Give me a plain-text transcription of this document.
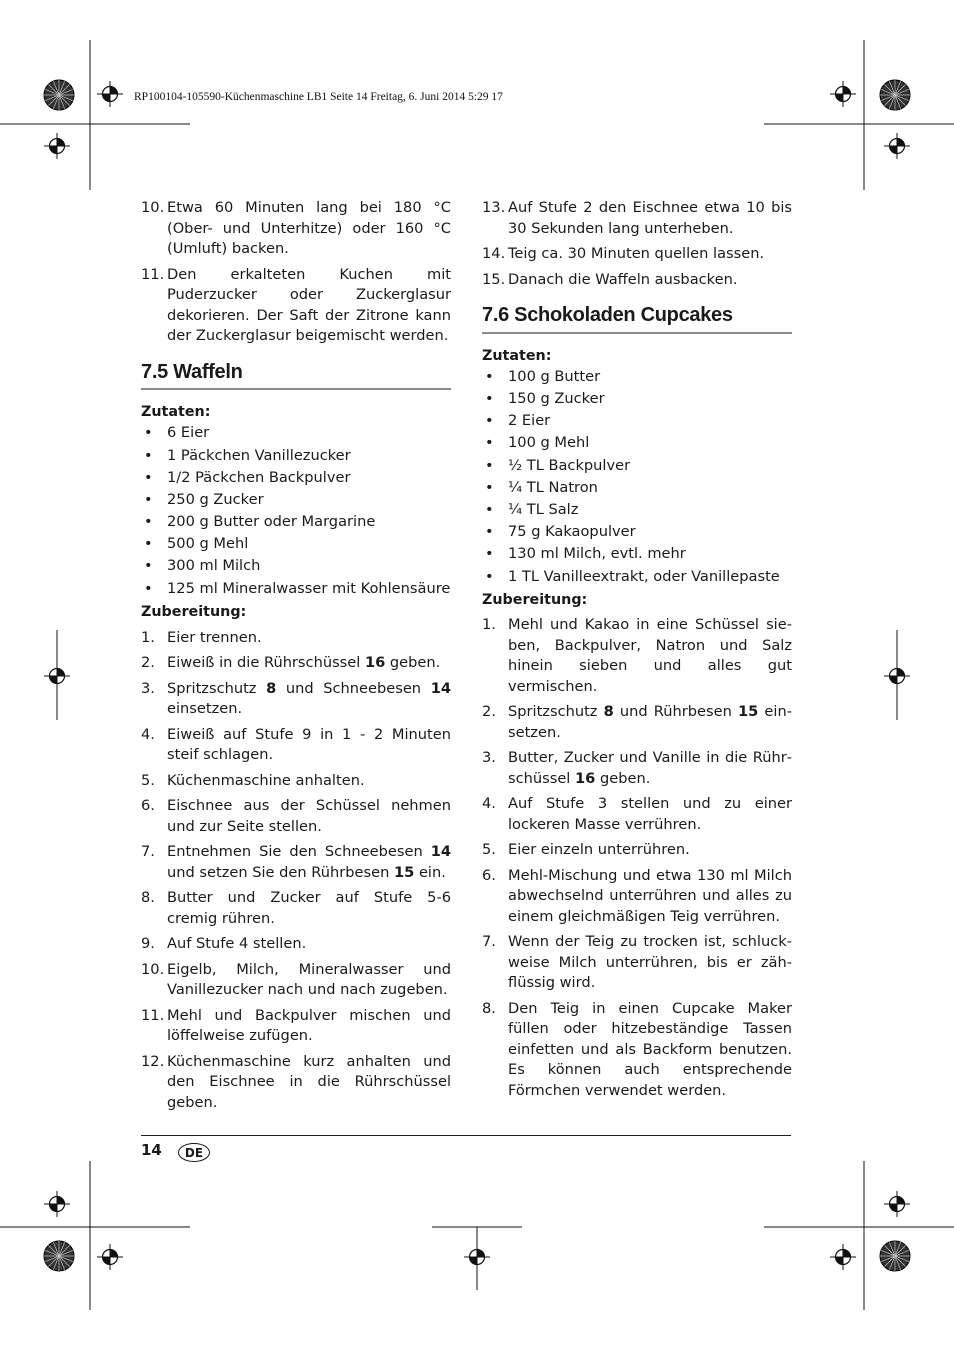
RP100104-105590-Küchenmaschine LB1 Seite 14 Freitag, 6. Juni 2014 5:29 17
10. Etwa 60 Minuten lang bei 180 °C (Ober- und Unterhitze) oder 160 °C (Umluft) backen.
11. Den erkalteten Kuchen mit Puderzucker oder Zuckerglasur dekorieren. Der Saft der Zitrone kann der Zuckerglasur beigemischt werden.
7.5 Waffeln
Zutaten:
• 6 Eier
• 1 Päckchen Vanillezucker
• 1/2 Päckchen Backpulver
• 250 g Zucker
• 200 g Butter oder Margarine
• 500 g Mehl
• 300 ml Milch
• 125 ml Mineralwasser mit Kohlensäure
Zubereitung:
1. Eier trennen.
2. Eiweiß in die Rührschüssel 16 geben.
3. Spritzschutz 8 und Schneebesen 14 einsetzen.
4. Eiweiß auf Stufe 9 in 1 - 2 Minuten steif schlagen.
5. Küchenmaschine anhalten.
6. Eischnee aus der Schüssel nehmen und zur Seite stellen.
7. Entnehmen Sie den Schneebesen 14 und setzen Sie den Rührbesen 15 ein.
8. Butter und Zucker auf Stufe 5-6 cremig rühren.
9. Auf Stufe 4 stellen.
10. Eigelb, Milch, Mineralwasser und Vanillezucker nach und nach zugeben.
11. Mehl und Backpulver mischen und löffelweise zufügen.
12. Küchenmaschine kurz anhalten und den Eischnee in die Rührschüssel geben.
13. Auf Stufe 2 den Eischnee etwa 10 bis 30 Sekunden lang unterheben.
14. Teig ca. 30 Minuten quellen lassen.
15. Danach die Waffeln ausbacken.
7.6 Schokoladen Cupcakes
Zutaten:
• 100 g Butter
• 150 g Zucker
• 2 Eier
• 100 g Mehl
• ½ TL Backpulver
• ¼ TL Natron
• ¼ TL Salz
• 75 g Kakaopulver
• 130 ml Milch, evtl. mehr
• 1 TL Vanilleextrakt, oder Vanillepaste
Zubereitung:
1. Mehl und Kakao in eine Schüssel sieben, Backpulver, Natron und Salz hinein sieben und alles gut vermischen.
2. Spritzschutz 8 und Rührbesen 15 einsetzen.
3. Butter, Zucker und Vanille in die Rührschüssel 16 geben.
4. Auf Stufe 3 stellen und zu einer lockeren Masse verrühren.
5. Eier einzeln unterrühren.
6. Mehl-Mischung und etwa 130 ml Milch abwechselnd unterrühren und alles zu einem gleichmäßigen Teig verrühren.
7. Wenn der Teig zu trocken ist, schluckweise Milch unterrühren, bis er zähflüssig wird.
8. Den Teig in einen Cupcake Maker füllen oder hitzebeständige Tassen einfetten und als Backform benutzen. Es können auch entsprechende Förmchen verwendet werden.
14	DE
